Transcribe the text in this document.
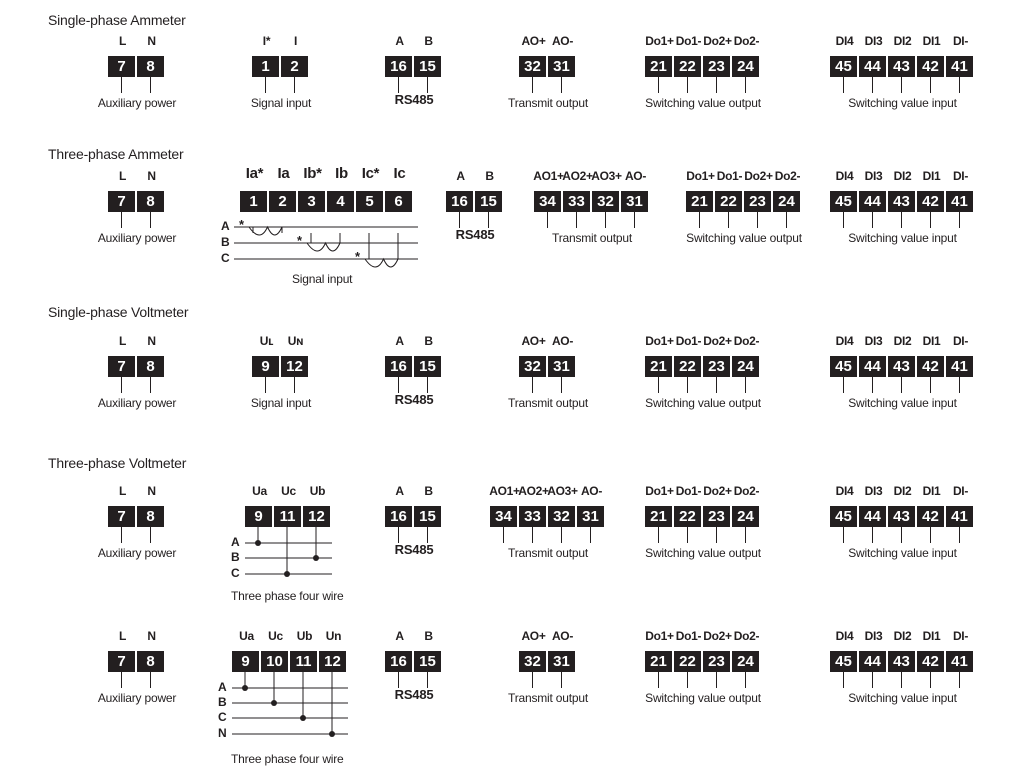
Single-phase Ammeter
Three-phase Ammeter
Single-phase Voltmeter
Three-phase Voltmeter
L
7
N
8
Auxiliary power
I*
1
I
2
Signal input
A
16
B
15
RS485
AO+
32
AO-
31
Transmit output
Do1+
21
Do1-
22
Do2+
23
Do2-
24
Switching value output
DI4
45
DI3
44
DI2
43
DI1
42
DI-
41
Switching value input
L
7
N
8
Auxiliary power
Ia*
1
Ia
2
Ib*
3
Ib
4
Ic*
5
Ic
6
A
16
B
15
RS485
AO1+
34
AO2+
33
AO3+
32
AO-
31
Transmit output
Do1+
21
Do1-
22
Do2+
23
Do2-
24
Switching value output
DI4
45
DI3
44
DI2
43
DI1
42
DI-
41
Switching value input
L
7
N
8
Auxiliary power
Uʟ
9
Uɴ
12
Signal input
A
16
B
15
RS485
AO+
32
AO-
31
Transmit output
Do1+
21
Do1-
22
Do2+
23
Do2-
24
Switching value output
DI4
45
DI3
44
DI2
43
DI1
42
DI-
41
Switching value input
L
7
N
8
Auxiliary power
Ua
9
Uc
11
Ub
12
A
16
B
15
RS485
AO1+
34
AO2+
33
AO3+
32
AO-
31
Transmit output
Do1+
21
Do1-
22
Do2+
23
Do2-
24
Switching value output
DI4
45
DI3
44
DI2
43
DI1
42
DI-
41
Switching value input
L
7
N
8
Auxiliary power
Ua
9
Uc
10
Ub
11
Un
12
A
16
B
15
RS485
AO+
32
AO-
31
Transmit output
Do1+
21
Do1-
22
Do2+
23
Do2-
24
Switching value output
DI4
45
DI3
44
DI2
43
DI1
42
DI-
41
Switching value input
A
B
C
*
*
*
Signal input
A
B
C
Three phase four wire
A
B
C
N
Three phase four wire
